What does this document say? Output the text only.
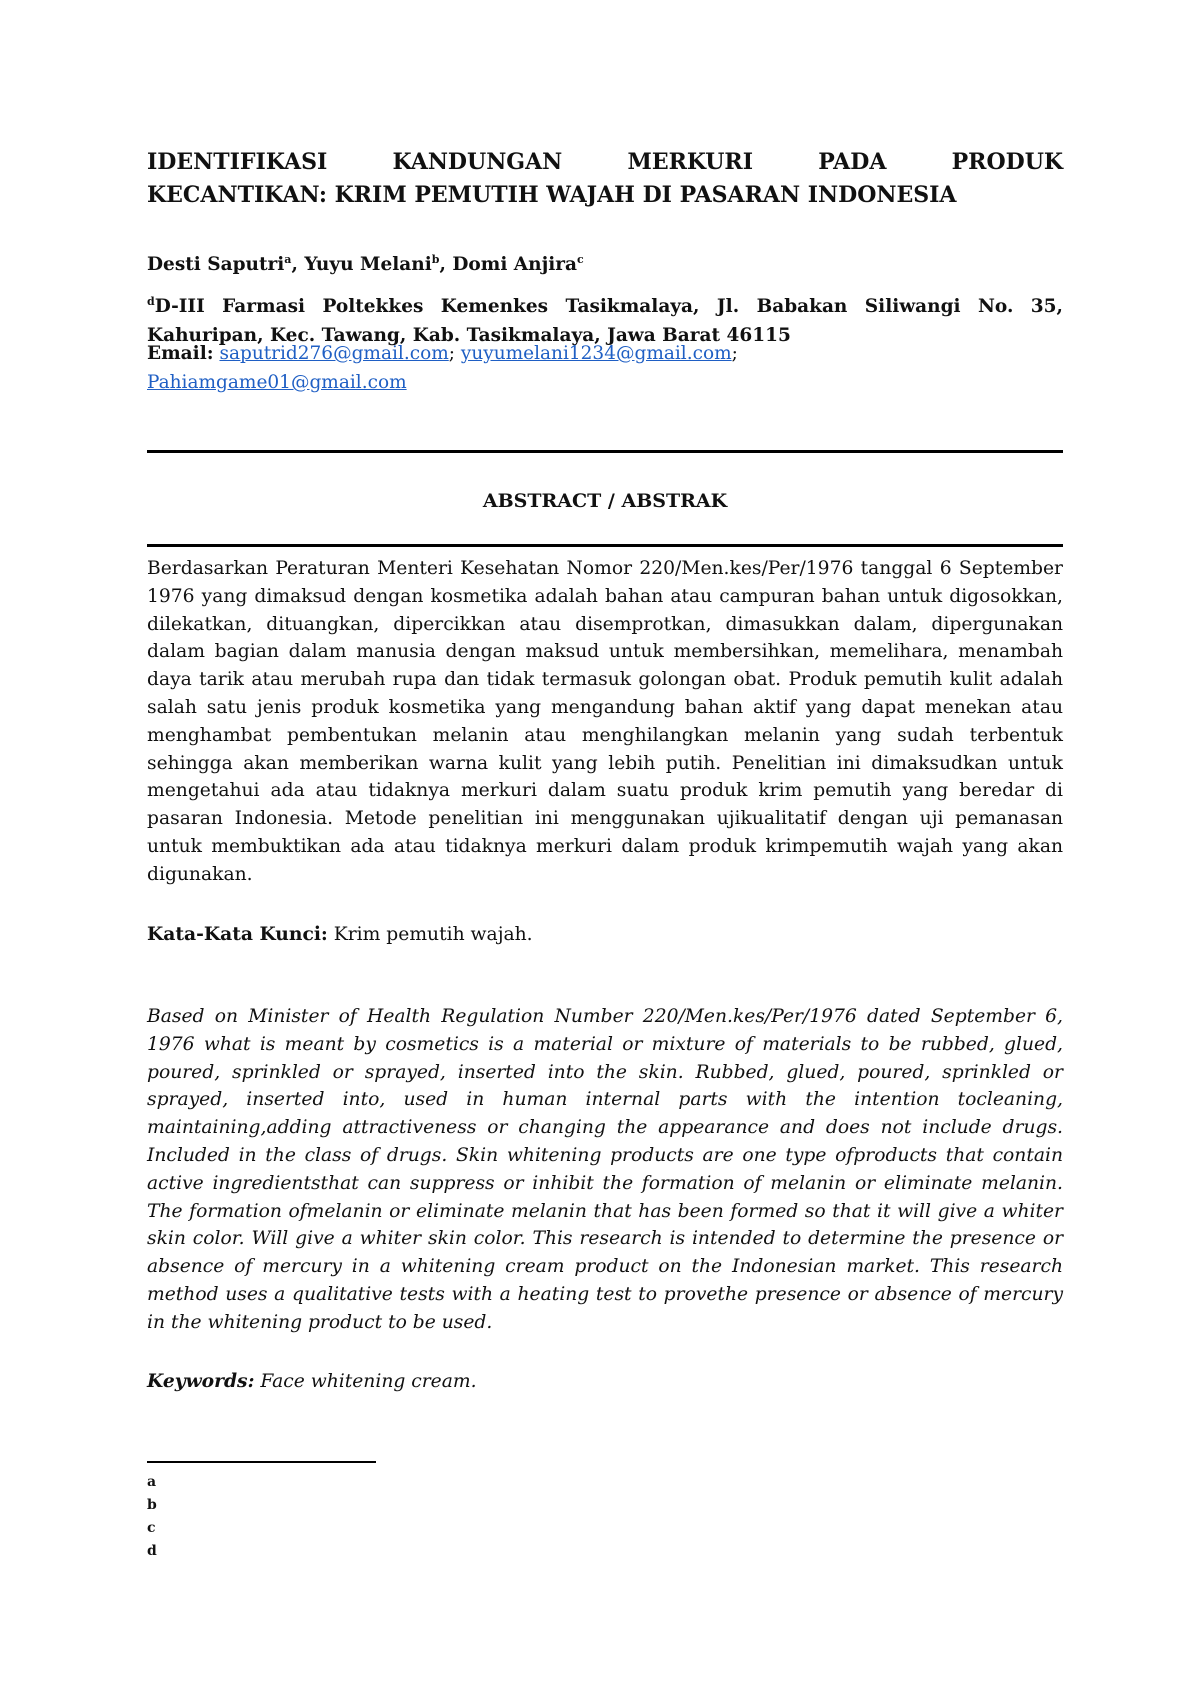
IDENTIFIKASI KANDUNGAN MERKURI PADA PRODUK
KECANTIKAN: KRIM PEMUTIH WAJAH DI PASARAN INDONESIA
Desti Saputri$^a$, Yuyu Melani$^b$, Domi Anjira$^c$
$^d$D-III Farmasi Poltekkes Kemenkes Tasikmalaya, Jl. Babakan Siliwangi No. 35,
Kahuripan, Kec. Tawang, Kab. Tasikmalaya, Jawa Barat 46115
Email: saputrid276@gmail.com; yuyumelani1234@gmail.com;
Pahiamgame01@gmail.com
ABSTRACT / ABSTRAK
Berdasarkan Peraturan Menteri Kesehatan Nomor 220/Men.kes/Per/1976 tanggal 6 September 1976 yang dimaksud dengan kosmetika adalah bahan atau campuran bahan untuk digosokkan, dilekatkan, dituangkan, dipercikkan atau disemprotkan, dimasukkan dalam, dipergunakan dalam bagian dalam manusia dengan maksud untuk membersihkan, memelihara, menambah daya tarik atau merubah rupa dan tidak termasuk golongan obat. Produk pemutih kulit adalah salah satu jenis produk kosmetika yang mengandung bahan aktif yang dapat menekan atau menghambat pembentukan melanin atau menghilangkan melanin yang sudah terbentuk sehingga akan memberikan warna kulit yang lebih putih. Penelitian ini dimaksudkan untuk mengetahui ada atau tidaknya merkuri dalam suatu produk krim pemutih yang beredar di pasaran Indonesia. Metode penelitian ini menggunakan ujikualitatif dengan uji pemanasan untuk membuktikan ada atau tidaknya merkuri dalam produk krimpemutih wajah yang akan digunakan.
Kata-Kata Kunci: Krim pemutih wajah.
Based on Minister of Health Regulation Number 220/Men.kes/Per/1976 dated September 6, 1976 what is meant by cosmetics is a material or mixture of materials to be rubbed, glued, poured, sprinkled or sprayed, inserted into the skin. Rubbed, glued, poured, sprinkled or sprayed, inserted into, used in human internal parts with the intention tocleaning, maintaining,adding attractiveness or changing the appearance and does not include drugs. Included in the class of drugs. Skin whitening products are one type ofproducts that contain active ingredientsthat can suppress or inhibit the formation of melanin or eliminate melanin. The formation ofmelanin or eliminate melanin that has been formed so that it will give a whiter skin color. Will give a whiter skin color. This research is intended to determine the presence or absence of mercury in a whitening cream product on the Indonesian market. This research method uses a qualitative tests with a heating test to provethe presence or absence of mercury in the whitening product to be used.
Keywords: Face whitening cream.
a
b
c
d
